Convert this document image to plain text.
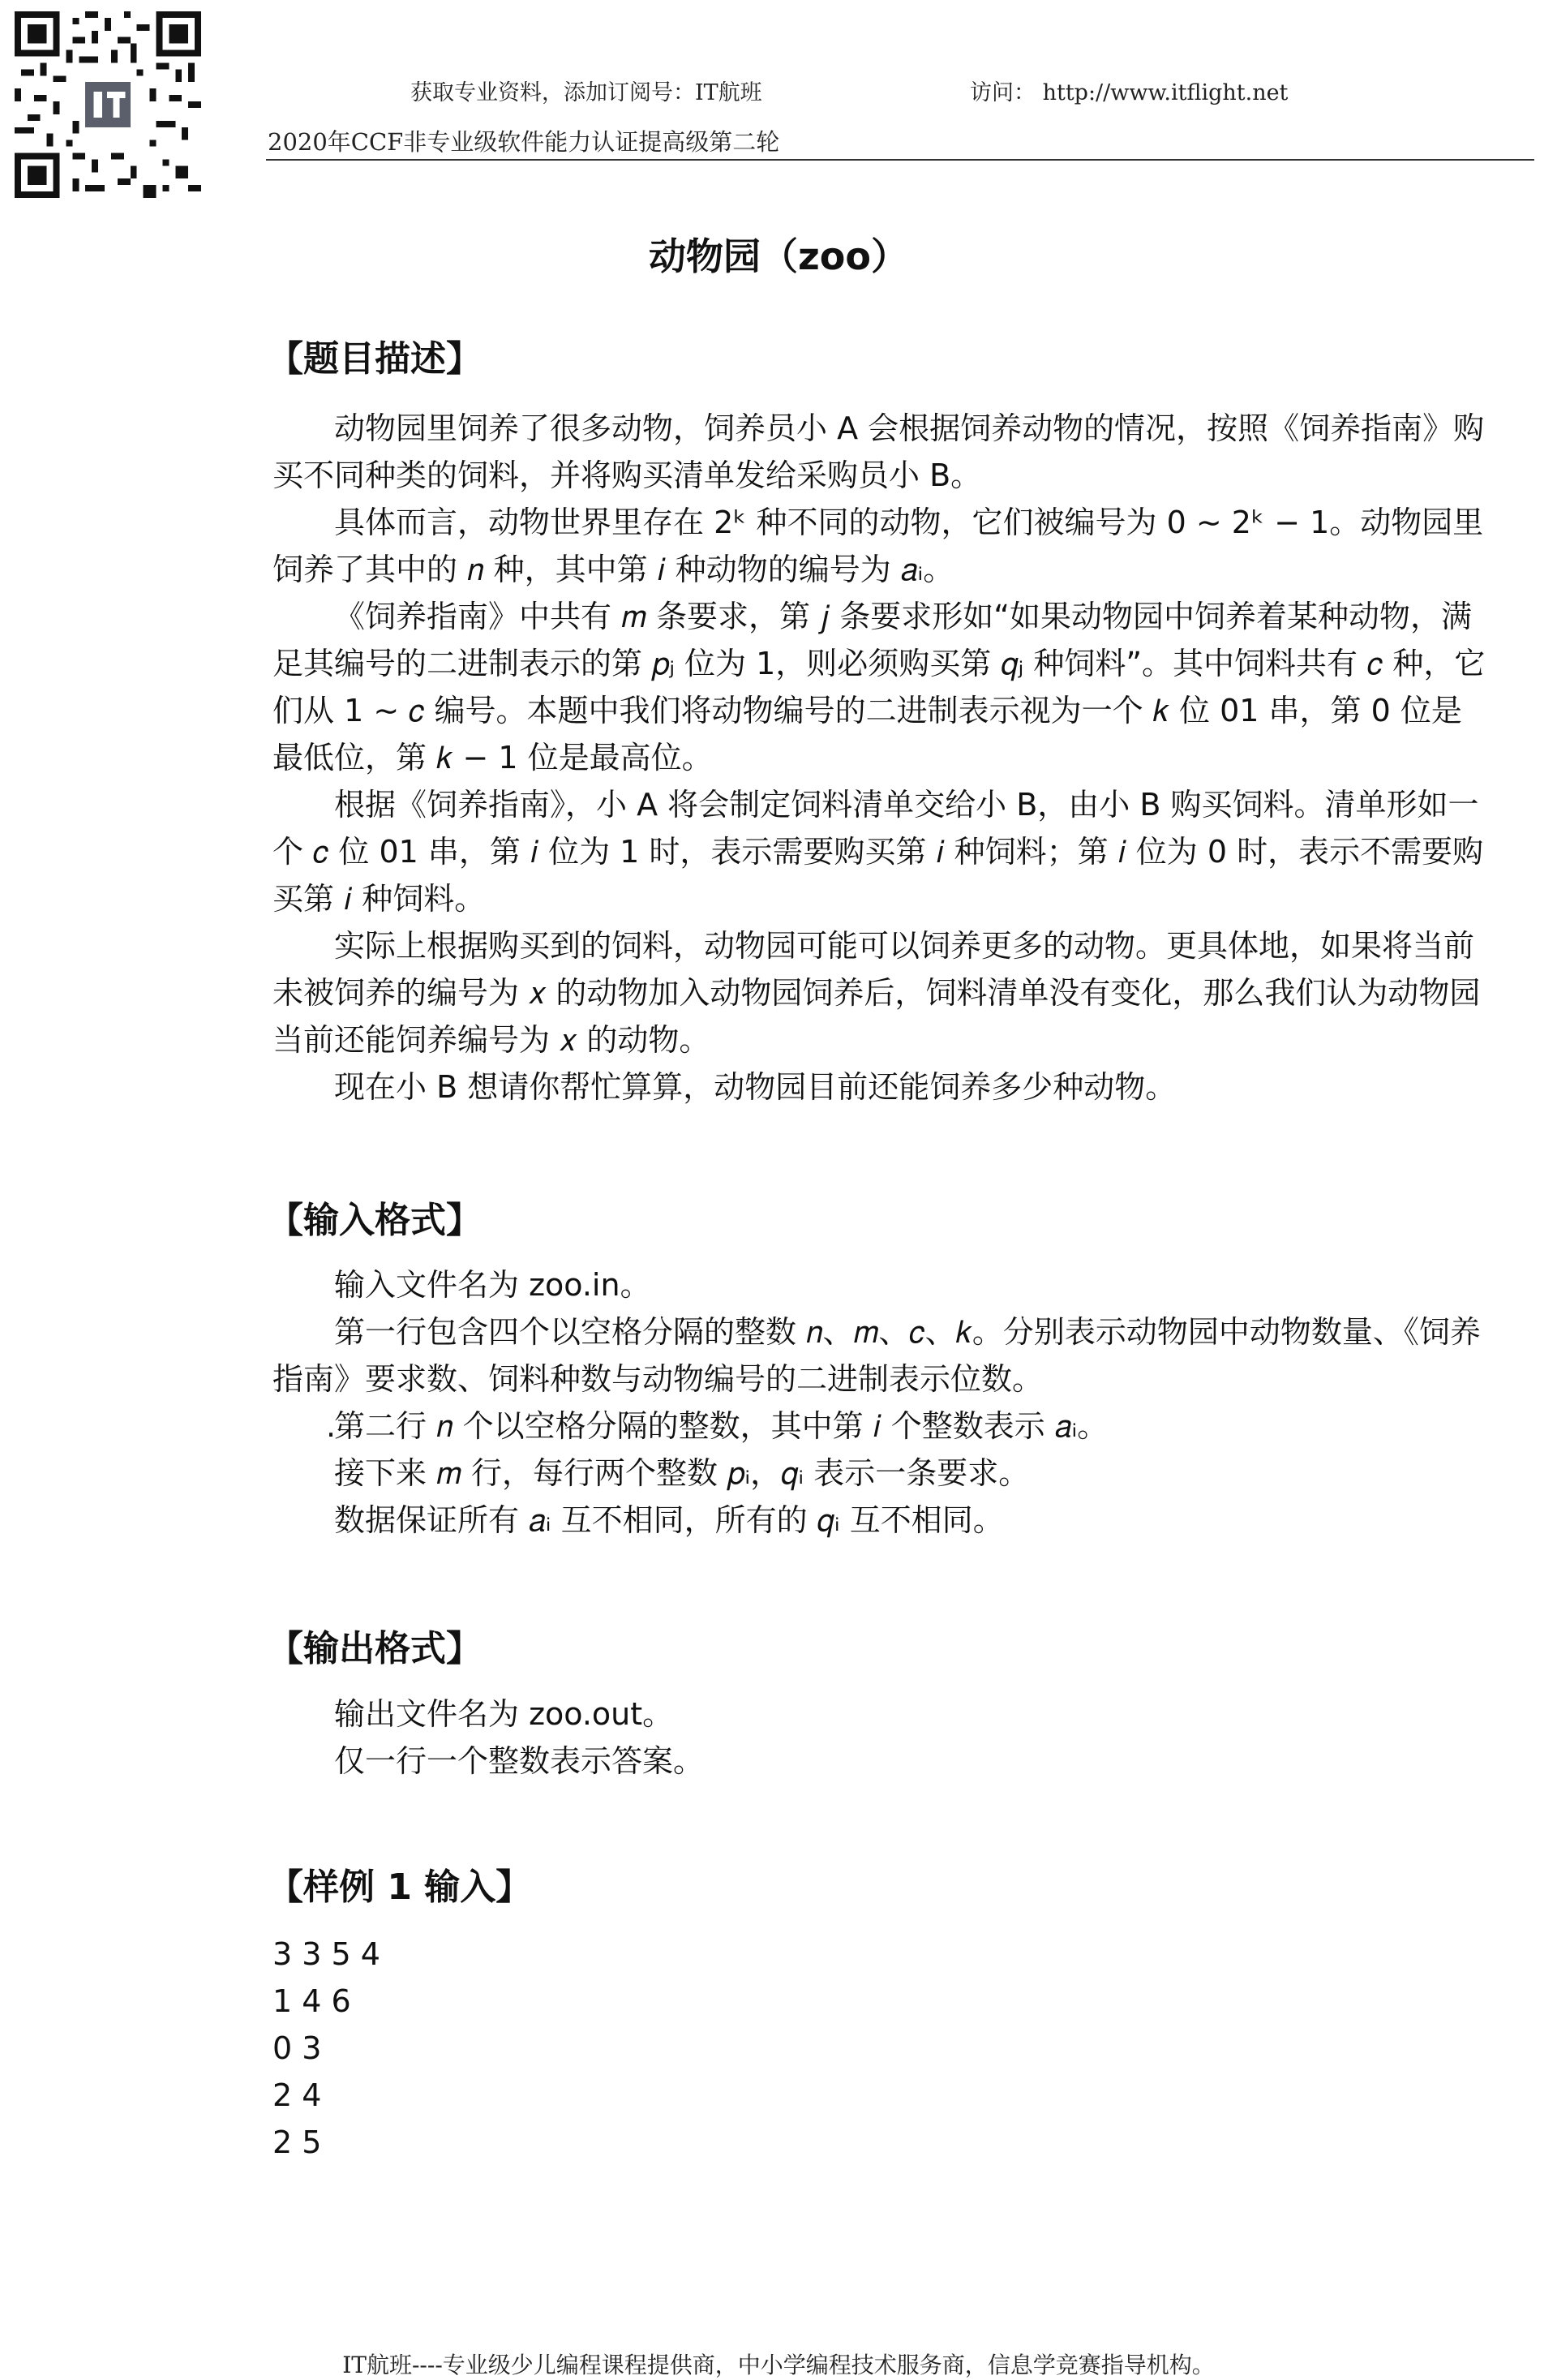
获取专业资料，添加订阅号：IT航班	访问： http://www.itflight.net
2020年CCF非专业级软件能力认证提高级第二轮
动物园（zoo）
【题目描述】

动物园里饲养了很多动物，饲养员小 A 会根据饲养动物的情况，按照《饲养指南》购买不同种类的饲料，并将购买清单发给采购员小 B。

具体而言，动物世界里存在 2ᵏ 种不同的动物，它们被编号为 0 ∼ 2ᵏ − 1。动物园里饲养了其中的 𝑛 种，其中第 𝑖 种动物的编号为 𝑎ᵢ。

《饲养指南》中共有 𝑚 条要求，第 𝑗 条要求形如“如果动物园中饲养着某种动物，满足其编号的二进制表示的第 𝑝ⱼ 位为 1，则必须购买第 𝑞ⱼ 种饲料”。其中饲料共有 𝑐 种，它们从 1 ∼ 𝑐 编号。本题中我们将动物编号的二进制表示视为一个 𝑘 位 01 串，第 0 位是最低位，第 𝑘 − 1 位是最高位。

根据《饲养指南》，小 A 将会制定饲料清单交给小 B，由小 B 购买饲料。清单形如一个 𝑐 位 01 串，第 𝑖 位为 1 时，表示需要购买第 𝑖 种饲料；第 𝑖 位为 0 时，表示不需要购买第 𝑖 种饲料。

实际上根据购买到的饲料，动物园可能可以饲养更多的动物。更具体地，如果将当前未被饲养的编号为 𝑥 的动物加入动物园饲养后，饲料清单没有变化，那么我们认为动物园当前还能饲养编号为 𝑥 的动物。

现在小 B 想请你帮忙算算，动物园目前还能饲养多少种动物。

【输入格式】

输入文件名为 zoo.in。

第一行包含四个以空格分隔的整数 𝑛、𝑚、𝑐、𝑘。分别表示动物园中动物数量、《饲养指南》要求数、饲料种数与动物编号的二进制表示位数。

.
第二行 𝑛 个以空格分隔的整数，其中第 𝑖 个整数表示 𝑎ᵢ。

接下来 𝑚 行，每行两个整数 𝑝ᵢ，𝑞ᵢ 表示一条要求。

数据保证所有 𝑎ᵢ 互不相同，所有的 𝑞ᵢ 互不相同。

【输出格式】

输出文件名为 zoo.out。

仅一行一个整数表示答案。

【样例 1 输入】
3 3 5 4
1 4 6
0 3
2 4
2 5
IT航班----专业级少儿编程课程提供商，中小学编程技术服务商，信息学竞赛指导机构。
